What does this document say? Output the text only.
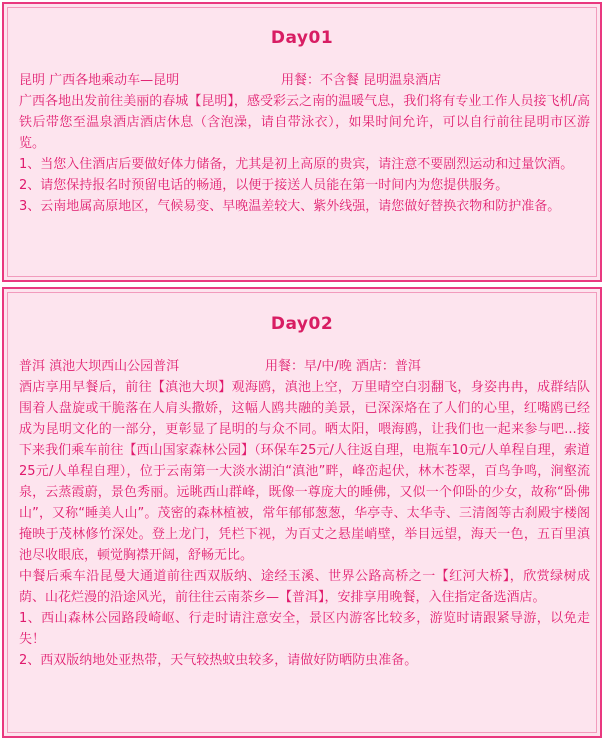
Day01
昆明 广西各地乘动车—昆明	用餐：不含餐 昆明温泉酒店

广西各地出发前往美丽的春城【昆明】，感受彩云之南的温暖气息，我们将有专业工作人员接飞机/高铁后带您至温泉酒店酒店休息（含泡澡，请自带泳衣），如果时间允许，可以自行前往昆明市区游览。

1、当您入住酒店后要做好体力储备，尤其是初上高原的贵宾，请注意不要剧烈运动和过量饮酒。

2、请您保持报名时预留电话的畅通，以便于接送人员能在第一时间内为您提供服务。

3、云南地属高原地区，气候易变、早晚温差较大、紫外线强，请您做好替换衣物和防护准备。

Day02
普洱 滇池大坝西山公园普洱	用餐：早/中/晚 酒店：普洱

酒店享用早餐后，前往【滇池大坝】观海鸥，滇池上空，万里晴空白羽翻飞，身姿冉冉，成群结队围着人盘旋或干脆落在人肩头撒娇，这幅人鸥共融的美景，已深深烙在了人们的心里，红嘴鸥已经成为昆明文化的一部分，更彰显了昆明的与众不同。晒太阳，喂海鸥，让我们也一起来参与吧...接下来我们乘车前往【西山国家森林公园】（环保车25元/人往返自理，电瓶车10元/人单程自理，索道25元/人单程自理），位于云南第一大淡水湖泊“滇池”畔，峰峦起伏，林木苍翠，百鸟争鸣，涧壑流泉，云蒸霞蔚，景色秀丽。远眺西山群峰，既像一尊庞大的睡佛，又似一个仰卧的少女，故称“卧佛山”，又称“睡美人山”。茂密的森林植被，常年郁郁葱葱，华亭寺、太华寺、三清阁等古刹殿宇楼阁掩映于茂林修竹深处。登上龙门，凭栏下视，为百丈之悬崖峭壁，举目远望，海天一色，五百里滇池尽收眼底，顿觉胸襟开阔，舒畅无比。

中餐后乘车沿昆曼大通道前往西双版纳、途经玉溪、世界公路高桥之一【红河大桥】，欣赏绿树成荫、山花烂漫的沿途风光，前往往云南茶乡—【普洱】，安排享用晚餐，入住指定备选酒店。

1、西山森林公园路段崎岖、行走时请注意安全，景区内游客比较多，游览时请跟紧导游，以免走失！

2、西双版纳地处亚热带，天气较热蚊虫较多，请做好防晒防虫准备。
